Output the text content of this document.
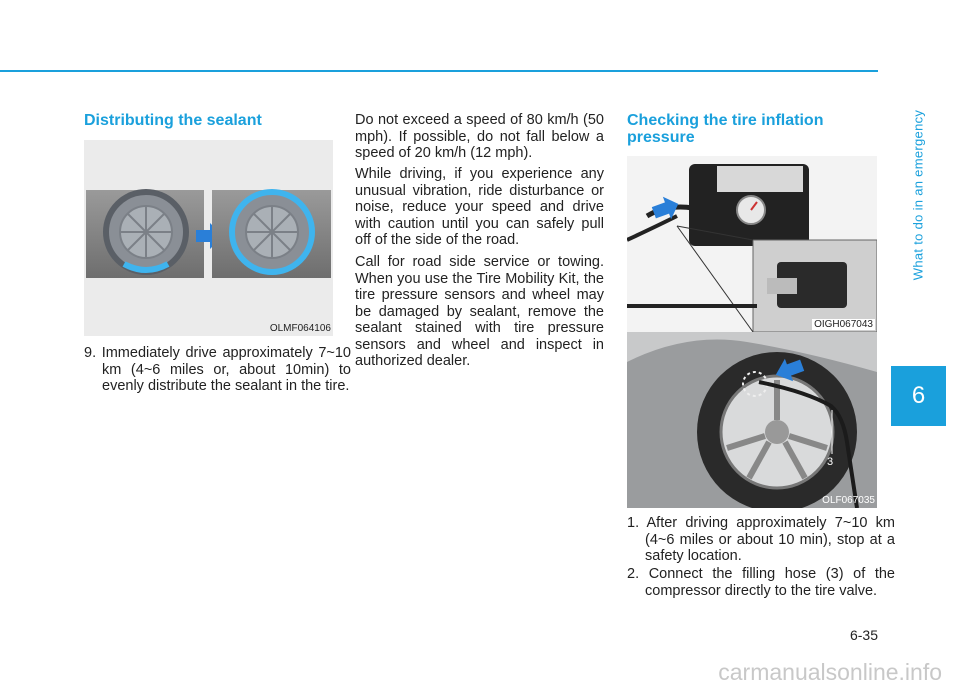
What to do in an emergency
6
Distributing the sealant
OLMF064106

9. Immediately drive approximately 7~10 km (4~6 miles or, about 10min) to evenly distribute the sealant in the tire.

Do not exceed a speed of 80 km/h (50 mph). If possible, do not fall below a speed of 20 km/h (12 mph).

While driving, if you experience any unusual vibration, ride disturbance or noise, reduce your speed and drive with caution until you can safely pull off of the side of the road.

Call for road side service or towing. When you use the Tire Mobility Kit, the tire pressure sensors and wheel may be damaged by sealant, remove the sealant stained with tire pressure sensors and wheel and inspect in authorized dealer.

Checking the tire inflation pressure
OIGH067043
3
OLF067035

1. After driving approximately 7~10 km (4~6 miles or about 10 min), stop at a safety location.

2. Connect the filling hose (3) of the compressor directly to the tire valve.

6-35
carmanualsonline.info
